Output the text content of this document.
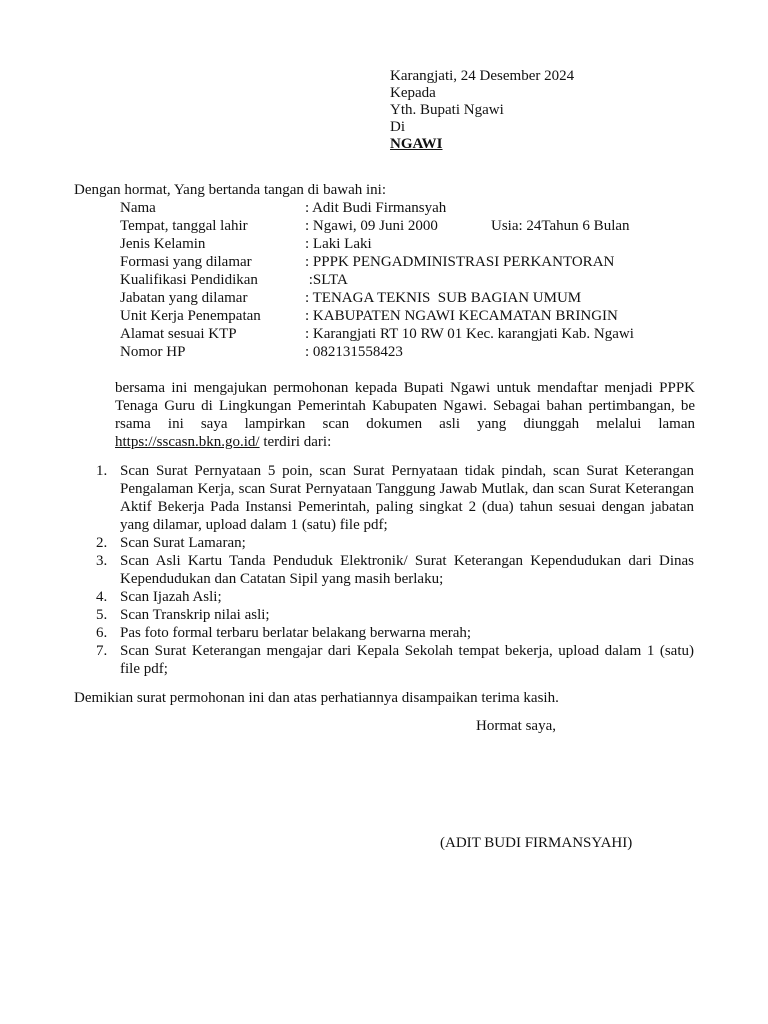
Karangjati, 24 Desember 2024
Kepada
Yth. Bupati Ngawi
Di
NGAWI
Dengan hormat, Yang bertanda tangan di bawah ini:
Nama	: Adit Budi Firmansyah
Tempat, tanggal lahir	: Ngawi, 09 Juni 2000	Usia: 24Tahun 6 Bulan
Jenis Kelamin	: Laki Laki
Formasi yang dilamar	: PPPK PENGADMINISTRASI PERKANTORAN
Kualifikasi Pendidikan	:SLTA
Jabatan yang dilamar	: TENAGA TEKNIS  SUB BAGIAN UMUM
Unit Kerja Penempatan	: KABUPATEN NGAWI KECAMATAN BRINGIN
Alamat sesuai KTP	: Karangjati RT 10 RW 01 Kec. karangjati Kab. Ngawi
Nomor HP	: 082131558423
bersama ini mengajukan permohonan kepada Bupati Ngawi untuk mendaftar menjadi PPPK Tenaga Guru di Lingkungan Pemerintah Kabupaten Ngawi. Sebagai bahan pertimbangan, be rsama ini saya lampirkan scan dokumen asli yang diunggah melalui laman https://sscasn.bkn.go.id/ terdiri dari:
1. Scan Surat Pernyataan 5 poin, scan Surat Pernyataan tidak pindah, scan Surat Keterangan Pengalaman Kerja, scan Surat Pernyataan Tanggung Jawab Mutlak, dan scan Surat Keterangan Aktif Bekerja Pada Instansi Pemerintah, paling singkat 2 (dua) tahun sesuai dengan jabatan yang dilamar, upload dalam 1 (satu) file pdf;
2. Scan Surat Lamaran;
3. Scan Asli Kartu Tanda Penduduk Elektronik/ Surat Keterangan Kependudukan dari Dinas Kependudukan dan Catatan Sipil yang masih berlaku;
4. Scan Ijazah Asli;
5. Scan Transkrip nilai asli;
6. Pas foto formal terbaru berlatar belakang berwarna merah;
7. Scan Surat Keterangan mengajar dari Kepala Sekolah tempat bekerja, upload dalam 1 (satu) file pdf;
Demikian surat permohonan ini dan atas perhatiannya disampaikan terima kasih.
Hormat saya,
(ADIT BUDI FIRMANSYAHI)
